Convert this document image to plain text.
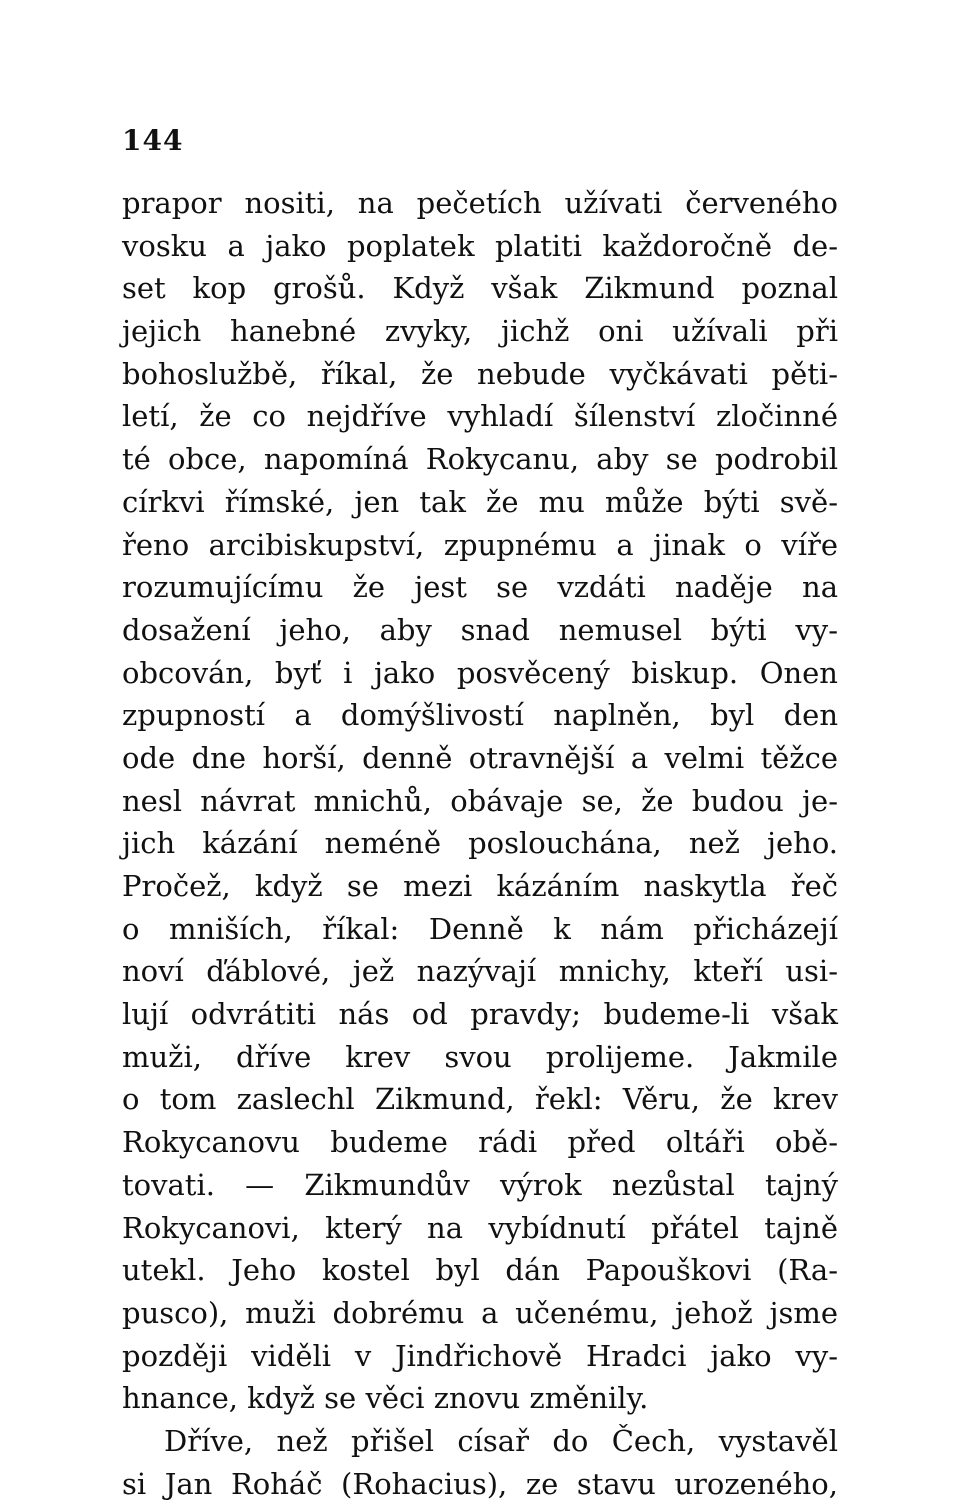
144
prapor nositi, na pečetích užívati červeného
vosku a jako poplatek platiti každoročně de-
set kop grošů. Když však Zikmund poznal
jejich hanebné zvyky, jichž oni užívali při
bohoslužbě, říkal, že nebude vyčkávati pěti-
letí, že co nejdříve vyhladí šílenství zločinné
té obce, napomíná Rokycanu, aby se podrobil
církvi římské, jen tak že mu může býti svě-
řeno arcibiskupství, zpupnému a jinak o víře
rozumujícímu že jest se vzdáti naděje na
dosažení jeho, aby snad nemusel býti vy-
obcován, byť i jako posvěcený biskup. Onen
zpupností a domýšlivostí naplněn, byl den
ode dne horší, denně otravnější a velmi těžce
nesl návrat mnichů, obávaje se, že budou je-
jich kázání neméně poslouchána, než jeho.
Pročež, když se mezi kázáním naskytla řeč
o mniších, říkal: Denně k nám přicházejí
noví ďáblové, jež nazývají mnichy, kteří usi-
lují odvrátiti nás od pravdy; budeme-li však
muži, dříve krev svou prolijeme. Jakmile
o tom zaslechl Zikmund, řekl: Věru, že krev
Rokycanovu budeme rádi před oltáři obě-
tovati. — Zikmundův výrok nezůstal tajný
Rokycanovi, který na vybídnutí přátel tajně
utekl. Jeho kostel byl dán Papouškovi (Ra-
pusco), muži dobrému a učenému, jehož jsme
později viděli v Jindřichově Hradci jako vy-
hnance, když se věci znovu změnily.
Dříve, než přišel císař do Čech, vystavěl
si Jan Roháč (Rohacius), ze stavu urozeného,
